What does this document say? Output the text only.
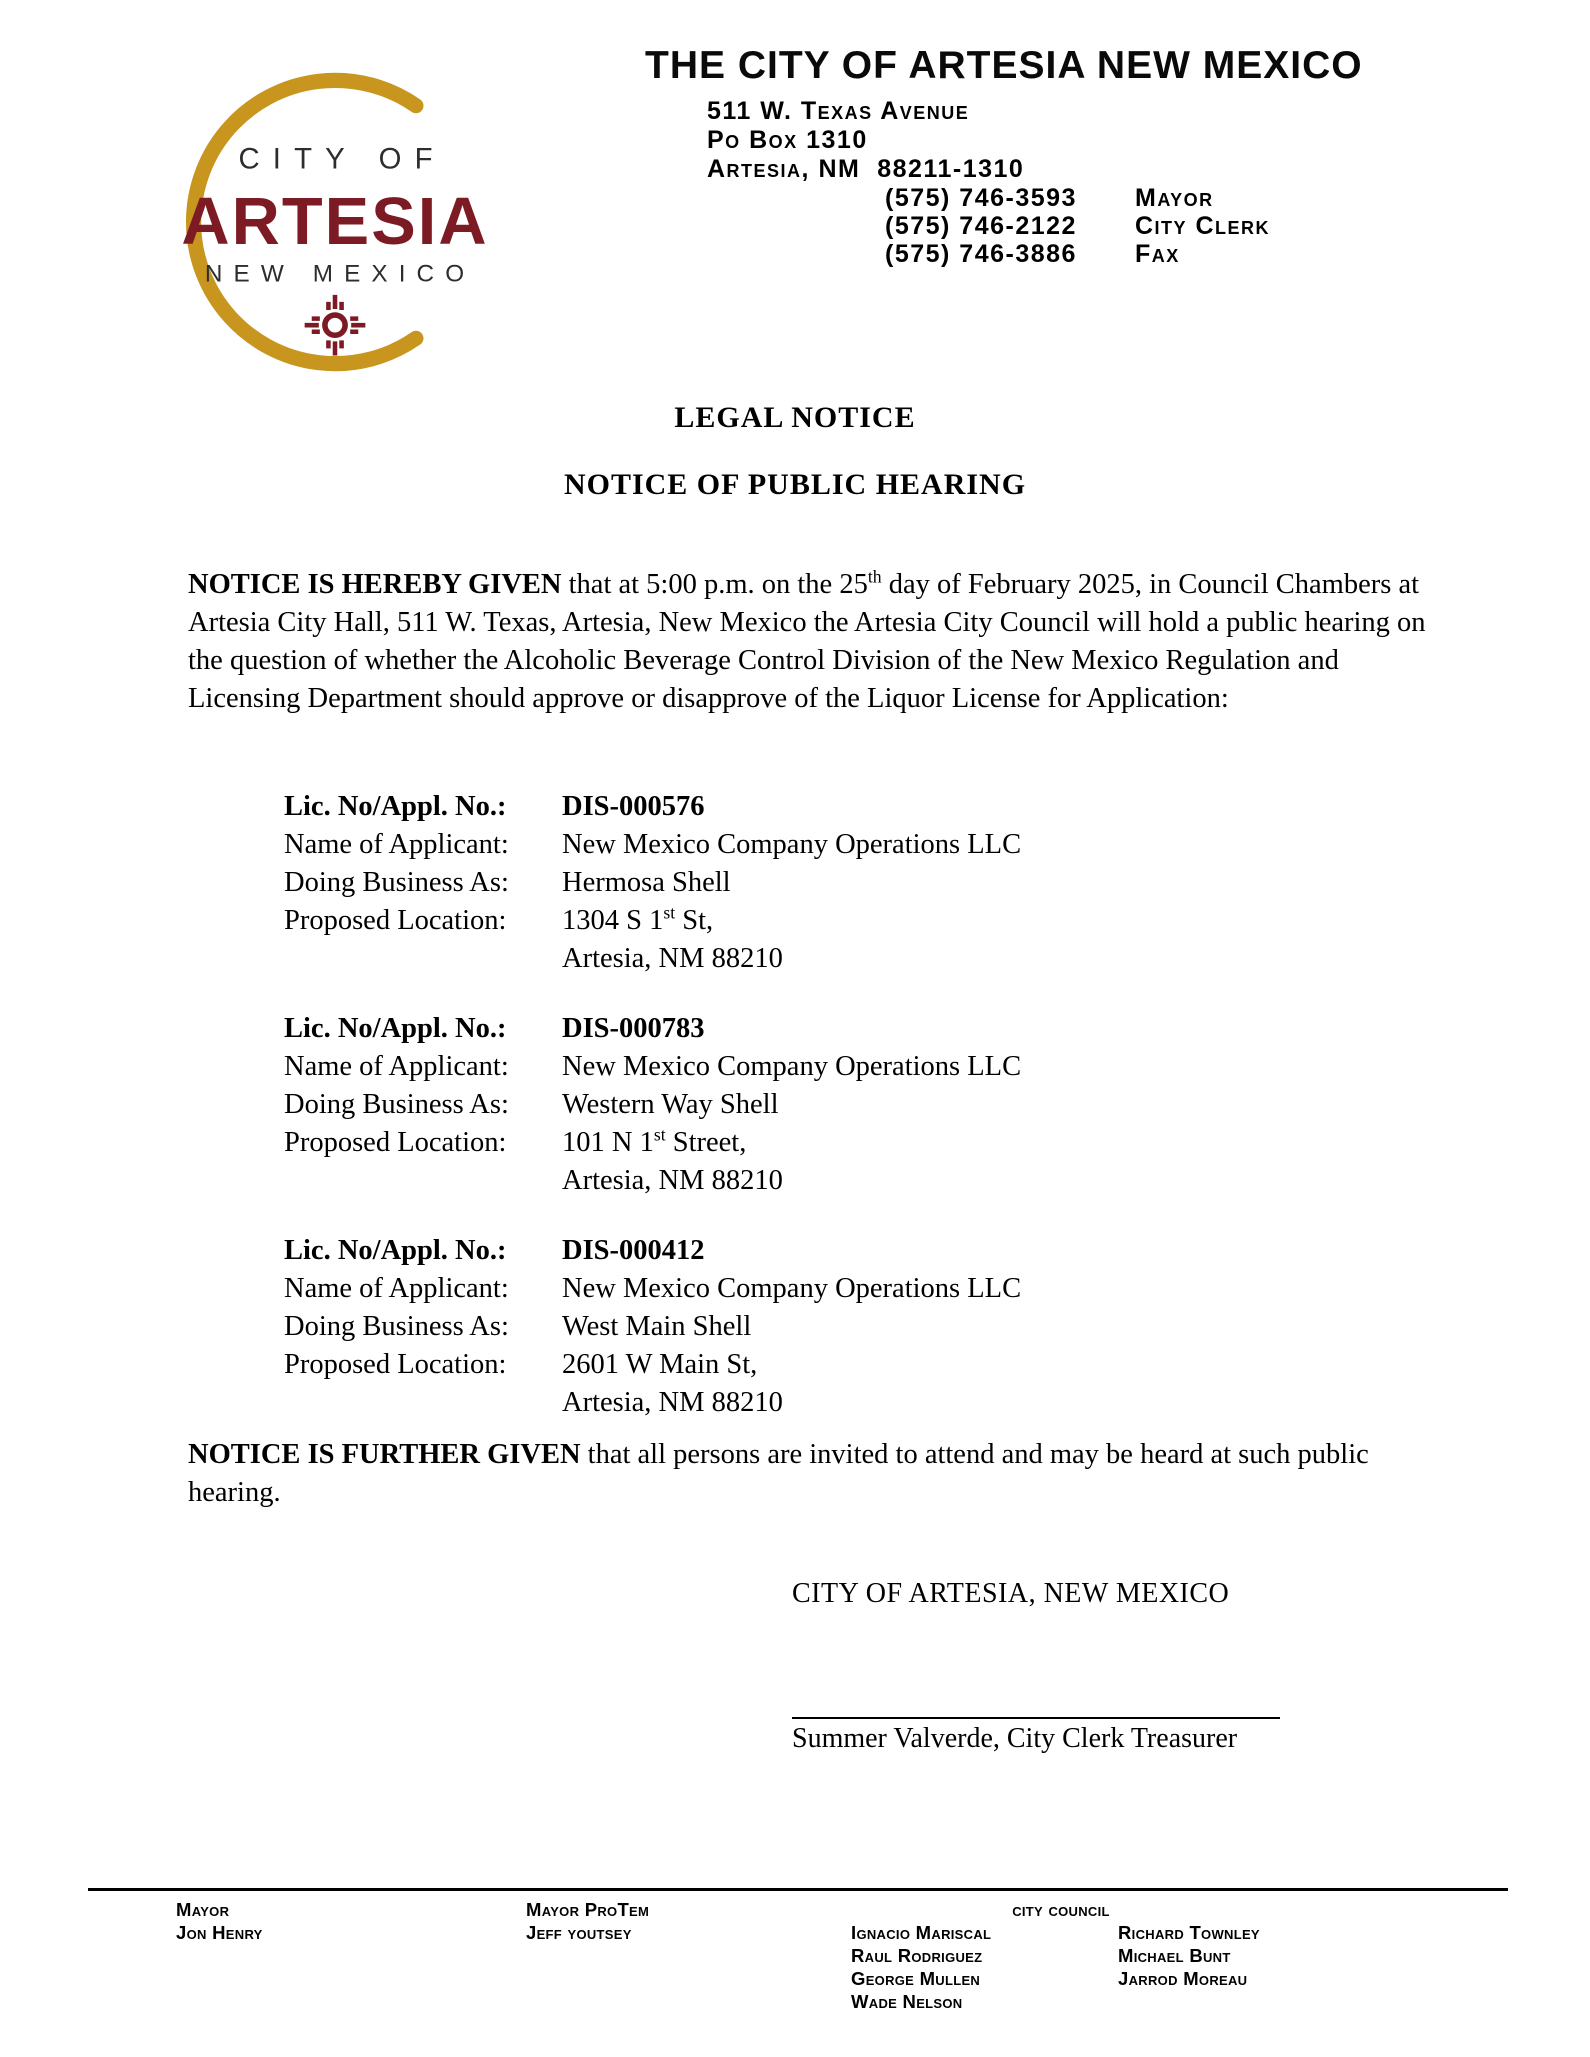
CITY OF
ARTESIA
NEW MEXICO
THE CITY OF ARTESIA NEW MEXICO
511 W. Texas Avenue
Po Box 1310
Artesia, NM  88211-1310
(575) 746-3593	Mayor
(575) 746-2122	City Clerk
(575) 746-3886	Fax
LEGAL NOTICE
NOTICE OF PUBLIC HEARING

NOTICE IS HEREBY GIVEN that at 5:00 p.m. on the 25th day of February 2025, in Council Chambers at Artesia City Hall, 511 W. Texas, Artesia, New Mexico the Artesia City Council will hold a public hearing on the question of whether the Alcoholic Beverage Control Division of the New Mexico Regulation and Licensing Department should approve or disapprove of the Liquor License for Application:

Lic. No/Appl. No.:	DIS-000576
Name of Applicant:	New Mexico Company Operations LLC
Doing Business As:	Hermosa Shell
Proposed Location:	1304 S 1st St,
Artesia, NM 88210
Lic. No/Appl. No.:	DIS-000783
Name of Applicant:	New Mexico Company Operations LLC
Doing Business As:	Western Way Shell
Proposed Location:	101 N 1st Street,
Artesia, NM 88210
Lic. No/Appl. No.:	DIS-000412
Name of Applicant:	New Mexico Company Operations LLC
Doing Business As:	West Main Shell
Proposed Location:	2601 W Main St,
Artesia, NM 88210

NOTICE IS FURTHER GIVEN that all persons are invited to attend and may be heard at such public hearing.

CITY OF ARTESIA, NEW MEXICO
Summer Valverde, City Clerk Treasurer
Mayor
Jon Henry
Mayor ProTem
Jeff youtsey
city council
Ignacio Mariscal
Raul Rodriguez
George Mullen
Wade Nelson
Richard Townley
Michael Bunt
Jarrod Moreau
